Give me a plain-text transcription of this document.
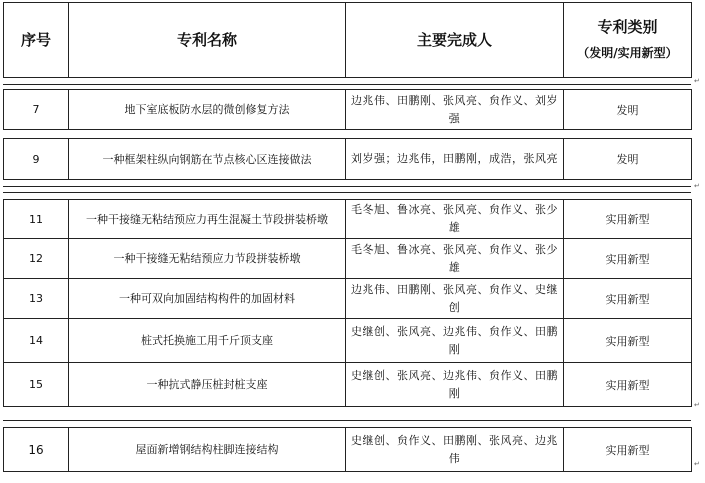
序号	专利名称	主要完成人	专利类别
（发明/实用新型）
7	地下室底板防水层的微创修复方法	边兆伟、田鹏刚、张风亮、贠作义、刘岁强	发明
9	一种框架柱纵向钢筋在节点核心区连接做法	刘岁强；边兆伟，田鹏刚，成浩，张风亮	发明
11	一种干接缝无粘结预应力再生混凝土节段拼装桥墩	毛冬旭、鲁冰亮、张风亮、贠作义、张少雄	实用新型
12	一种干接缝无粘结预应力节段拼装桥墩	毛冬旭、鲁冰亮、张风亮、贠作义、张少雄	实用新型
13	一种可双向加固结构构件的加固材料	边兆伟、田鹏刚、张风亮、贠作义、史继创	实用新型
14	桩式托换施工用千斤顶支座	史继创、张风亮、边兆伟、贠作义、田鹏刚	实用新型
15	一种抗式静压桩封桩支座	史继创、张风亮、边兆伟、贠作义、田鹏刚	实用新型
16	屋面新增钢结构柱脚连接结构	史继创、贠作义、田鹏刚、张风亮、边兆伟	实用新型
↵
↵
↵
↵
